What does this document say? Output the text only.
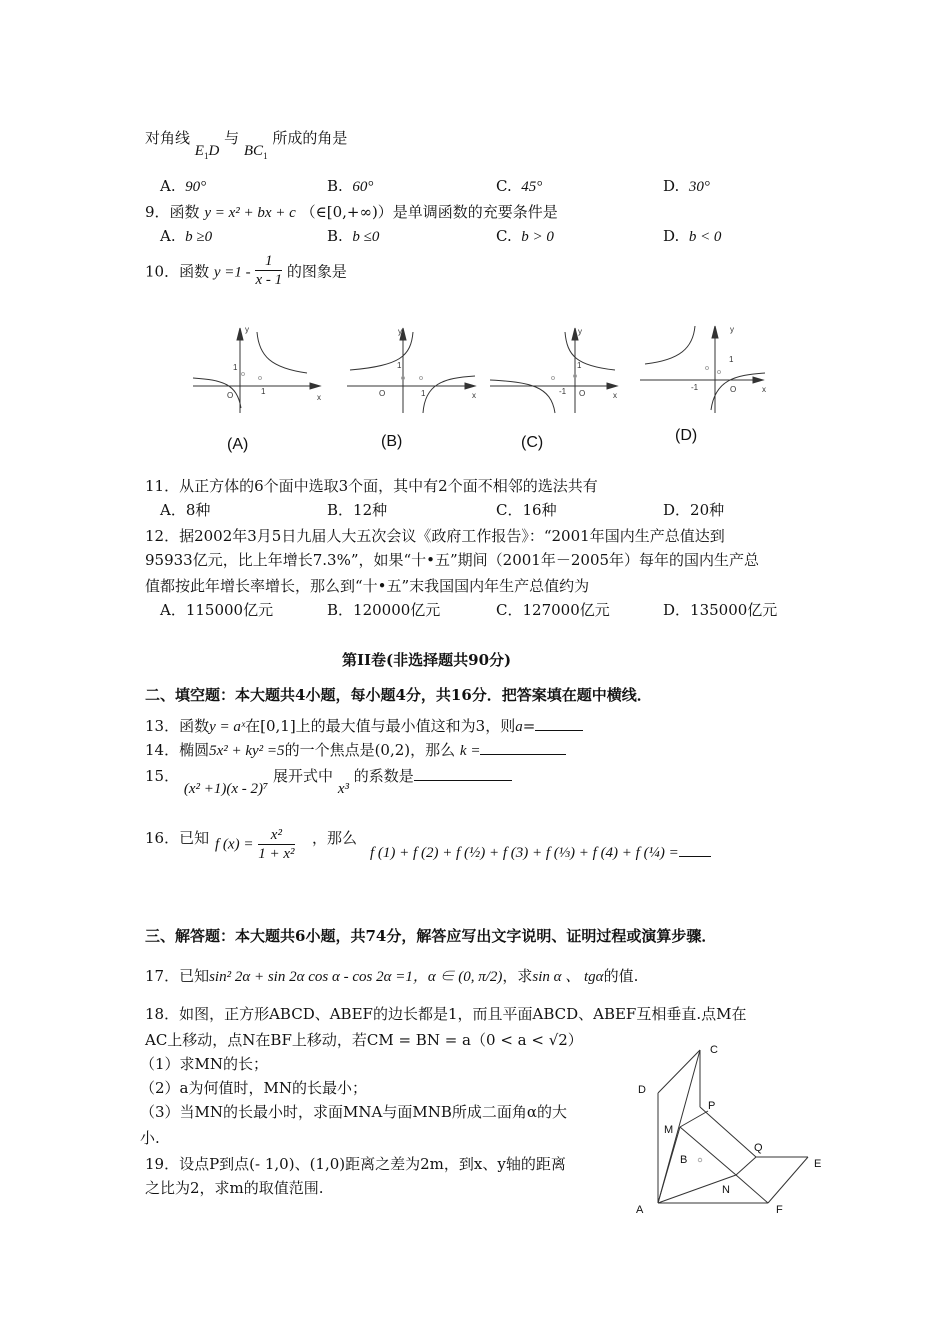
对角线 $E_1D$ 与 $BC_1$ 所成的角是
A. 90°	B. 60°	C. 45°	D. 30°
9．函数 y = x² + bx + c （∈[0,+∞)）是单调函数的充要条件是
A. b ≥0	B. b ≤0	C. b > 0	D. b < 0
10．函数 $y =1 - \frac{1}{x - 1}$ 的图象是
y
x
O
1
1
y
x
O
1
1
y
x
O
-1
1
y
x
O
-1
1
(A)	(B)	(C)	(D)
11．从正方体的6个面中选取3个面，其中有2个面不相邻的选法共有
A．8种	B．12种	C．16种	D．20种
12．据2002年3月5日九届人大五次会议《政府工作报告》：“2001年国内生产总值达到
95933亿元，比上年增长7.3%”，如果“十•五”期间（2001年－2005年）每年的国内生产总
值都按此年增长率增长，那么到“十•五”末我国国内年生产总值约为
A．115000亿元	B．120000亿元	C．127000亿元	D．135000亿元
第II卷(非选择题共90分)
二、填空题：本大题共4小题，每小题4分，共16分．把答案填在题中横线．
13．函数y = aˣ在[0,1]上的最大值与最小值这和为3，则a=
14．椭圆5x² + ky² =5的一个焦点是(0,2)，那么 k =
15． (x² +1)(x - 2)⁷ 展开式中 x³ 的系数是
16．已知 f $(x) = \frac{\text{x²}}{\text{1 + x²}}$ ，那么
f (1) + f (2) + f (½) + f (3) + f (⅓) + f (4) + f (¼) =
三、解答题：本大题共6小题，共74分，解答应写出文字说明、证明过程或演算步骤．
17．已知sin² 2α + sin 2α cos α - cos 2α =1，α ∈ (0, π/2)，求sin α 、 tgα的值.
18．如图，正方形ABCD、ABEF的边长都是1，而且平面ABCD、ABEF互相垂直.点M在
AC上移动，点N在BF上移动，若CM = BN = a（0 < a < √2）
（1）求MN的长；
（2）a为何值时，MN的长最小；
（3）当MN的长最小时，求面MNA与面MNB所成二面角α的大
小.
19．设点P到点(- 1,0)、(1,0)距离之差为2m，到x、y轴的距离
之比为2，求m的取值范围.
C
D
P
M
Q
B	E
N
A	F
